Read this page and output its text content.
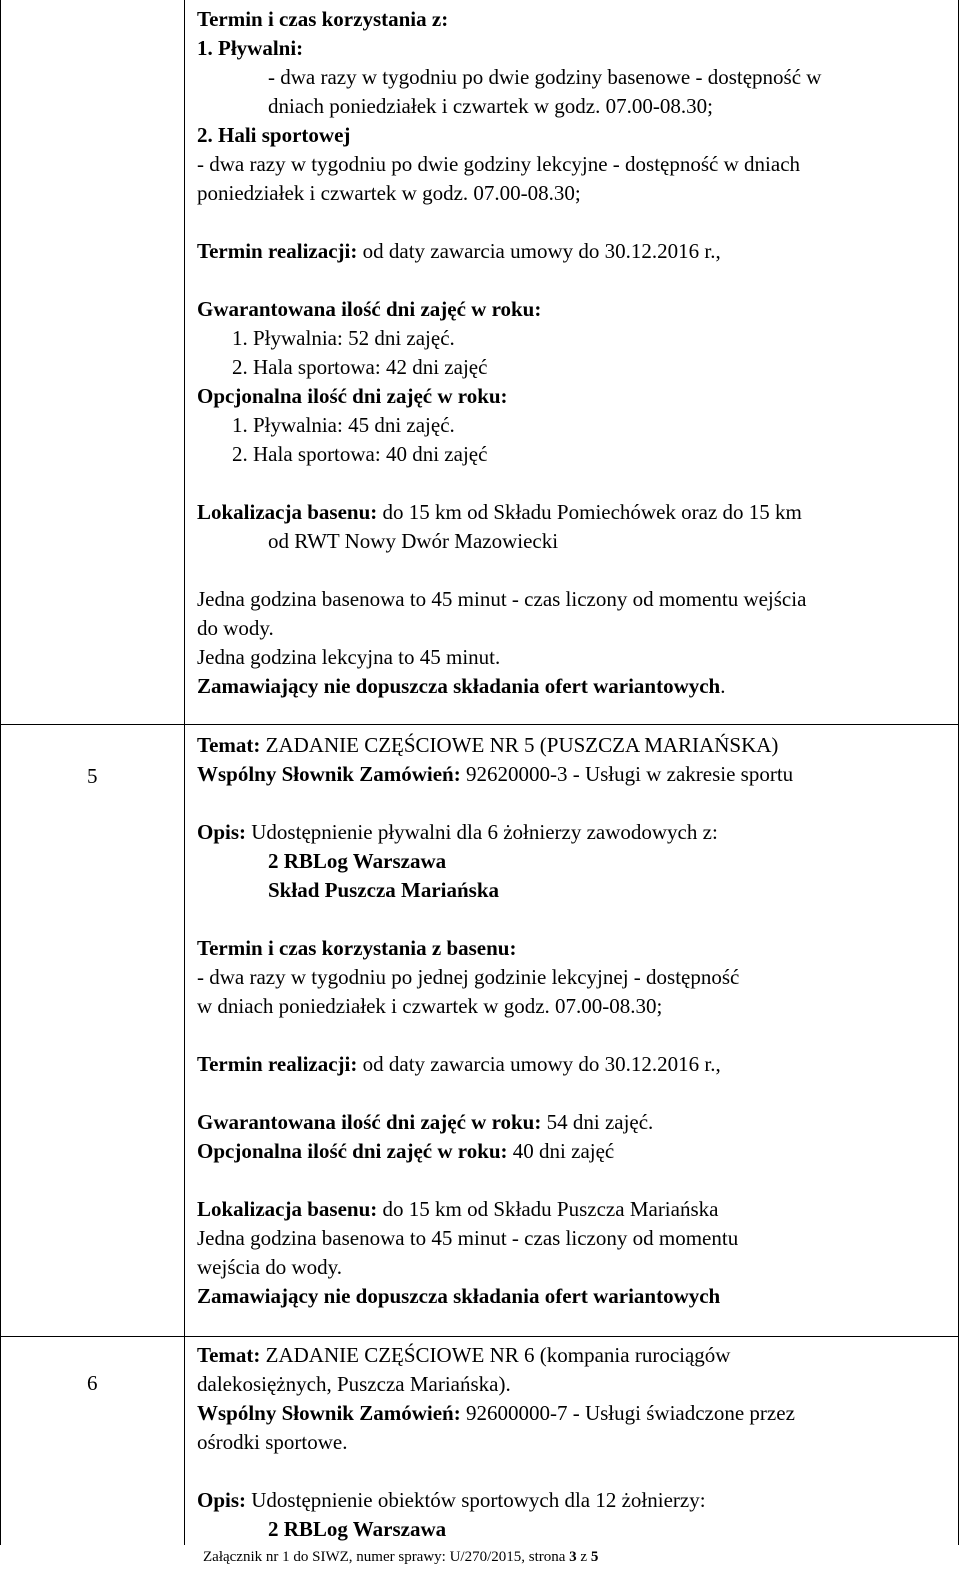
Termin i czas korzystania z:
1. Pływalni:
- dwa razy w tygodniu po dwie godziny basenowe - dostępność w
dniach poniedziałek i czwartek w godz. 07.00-08.30;
2. Hali sportowej
- dwa razy w tygodniu po dwie godziny lekcyjne - dostępność w dniach
poniedziałek i czwartek w godz. 07.00-08.30;
Termin realizacji: od daty zawarcia umowy do 30.12.2016 r.,
Gwarantowana ilość dni zajęć w roku:
1. Pływalnia: 52 dni zajęć.
2. Hala sportowa: 42 dni zajęć
Opcjonalna ilość dni zajęć w roku:
1. Pływalnia: 45 dni zajęć.
2. Hala sportowa: 40 dni zajęć
Lokalizacja basenu: do 15 km od Składu Pomiechówek oraz do 15 km
od RWT Nowy Dwór Mazowiecki
Jedna godzina basenowa to 45 minut - czas liczony od momentu wejścia
do wody.
Jedna godzina lekcyjna to 45 minut.
Zamawiający nie dopuszcza składania ofert wariantowych.
5
Temat: ZADANIE CZĘŚCIOWE NR 5 (PUSZCZA MARIAŃSKA)
Wspólny Słownik Zamówień: 92620000-3 - Usługi w zakresie sportu
Opis: Udostępnienie pływalni dla 6 żołnierzy zawodowych z:
2 RBLog Warszawa
Skład Puszcza Mariańska
Termin i czas korzystania z basenu:
- dwa razy w tygodniu po jednej godzinie lekcyjnej - dostępność
w dniach poniedziałek i czwartek w godz. 07.00-08.30;
Termin realizacji: od daty zawarcia umowy do 30.12.2016 r.,
Gwarantowana ilość dni zajęć w roku: 54 dni zajęć.
Opcjonalna ilość dni zajęć w roku: 40 dni zajęć
Lokalizacja basenu: do 15 km od Składu Puszcza Mariańska
Jedna godzina basenowa to 45 minut - czas liczony od momentu
wejścia do wody.
Zamawiający nie dopuszcza składania ofert wariantowych
6
Temat: ZADANIE CZĘŚCIOWE NR 6 (kompania rurociągów
dalekosiężnych, Puszcza Mariańska).
Wspólny Słownik Zamówień: 92600000-7 - Usługi świadczone przez
ośrodki sportowe.
Opis: Udostępnienie obiektów sportowych dla 12 żołnierzy:
2 RBLog Warszawa
Załącznik nr 1 do SIWZ, numer sprawy: U/270/2015, strona 3 z 5
